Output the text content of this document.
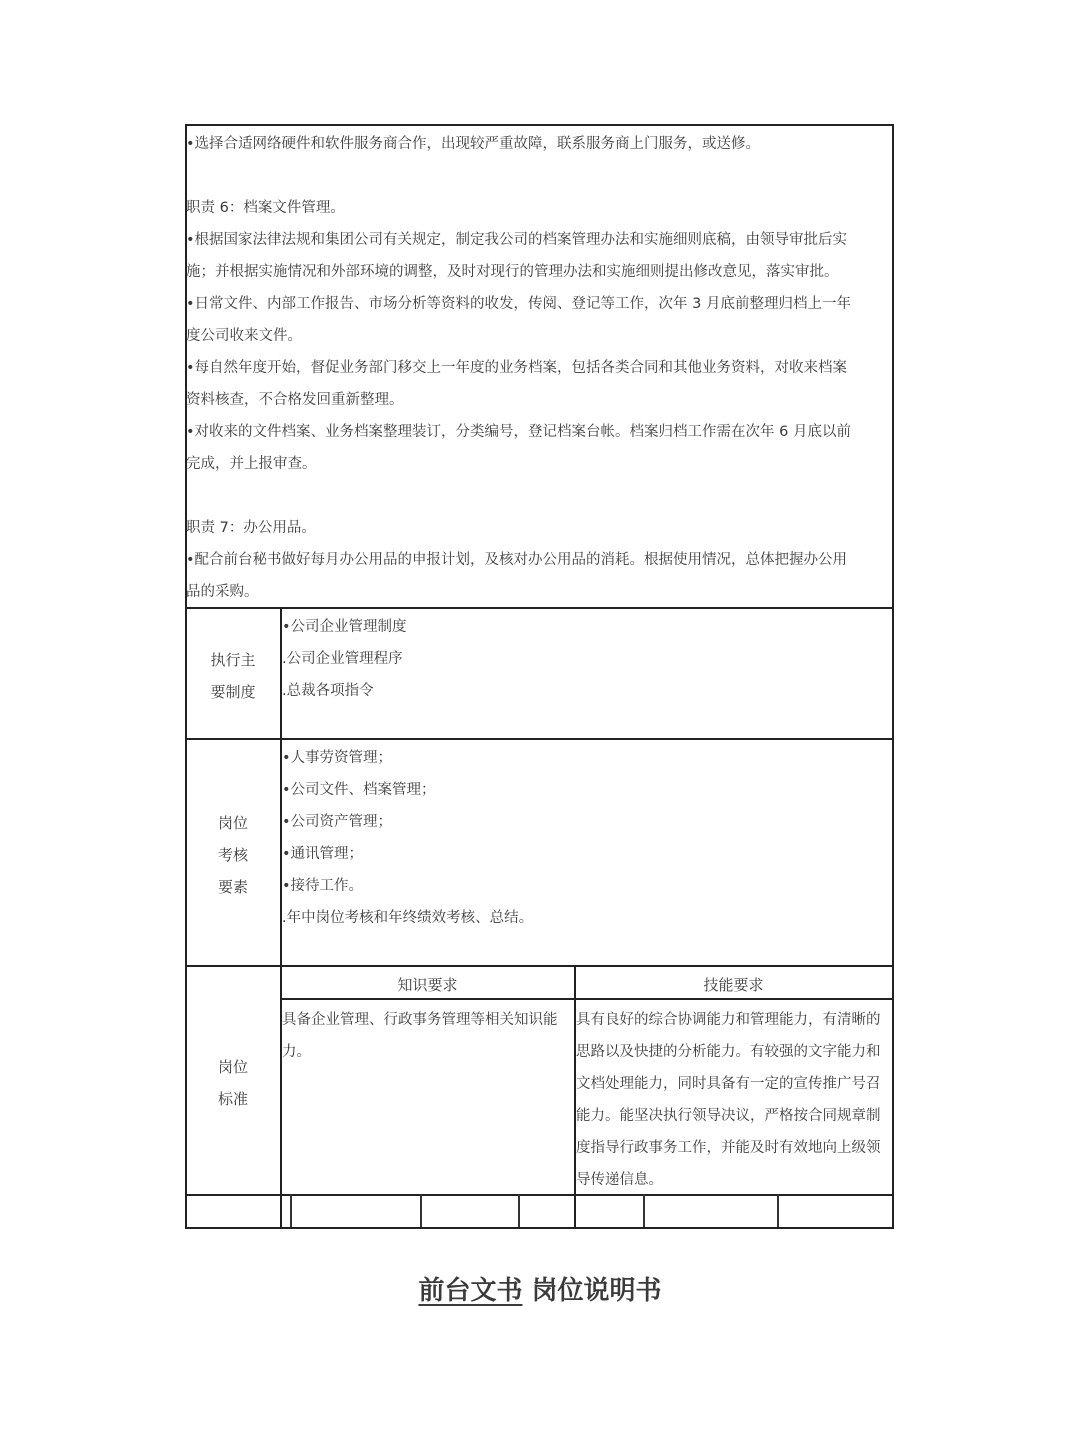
•选择合适网络硬件和软件服务商合作，出现较严重故障，联系服务商上门服务，或送修。
职责 6：档案文件管理。
•根据国家法律法规和集团公司有关规定，制定我公司的档案管理办法和实施细则底稿，由领导审批后实
施；并根据实施情况和外部环境的调整，及时对现行的管理办法和实施细则提出修改意见，落实审批。
•日常文件、内部工作报告、市场分析等资料的收发，传阅、登记等工作，次年 3 月底前整理归档上一年
度公司收来文件。
•每自然年度开始，督促业务部门移交上一年度的业务档案，包括各类合同和其他业务资料，对收来档案
资料核查，不合格发回重新整理。
•对收来的文件档案、业务档案整理装订，分类编号，登记档案台帐。档案归档工作需在次年 6 月底以前
完成，并上报审查。
职责 7：办公用品。
•配合前台秘书做好每月办公用品的申报计划，及核对办公用品的消耗。根据使用情况，总体把握办公用
品的采购。
执行主
要制度
•公司企业管理制度
.公司企业管理程序
.总裁各项指令
岗位
考核
要素
•人事劳资管理；
•公司文件、档案管理；
•公司资产管理；
•通讯管理；
•接待工作。
.年中岗位考核和年终绩效考核、总结。
岗位
标准
知识要求	技能要求
具备企业管理、行政事务管理等相关知识能
力。
具有良好的综合协调能力和管理能力，有清晰的
思路以及快捷的分析能力。有较强的文字能力和
文档处理能力，同时具备有一定的宣传推广号召
能力。能坚决执行领导决议，严格按合同规章制
度指导行政事务工作，并能及时有效地向上级领
导传递信息。
前台文书 岗位说明书
